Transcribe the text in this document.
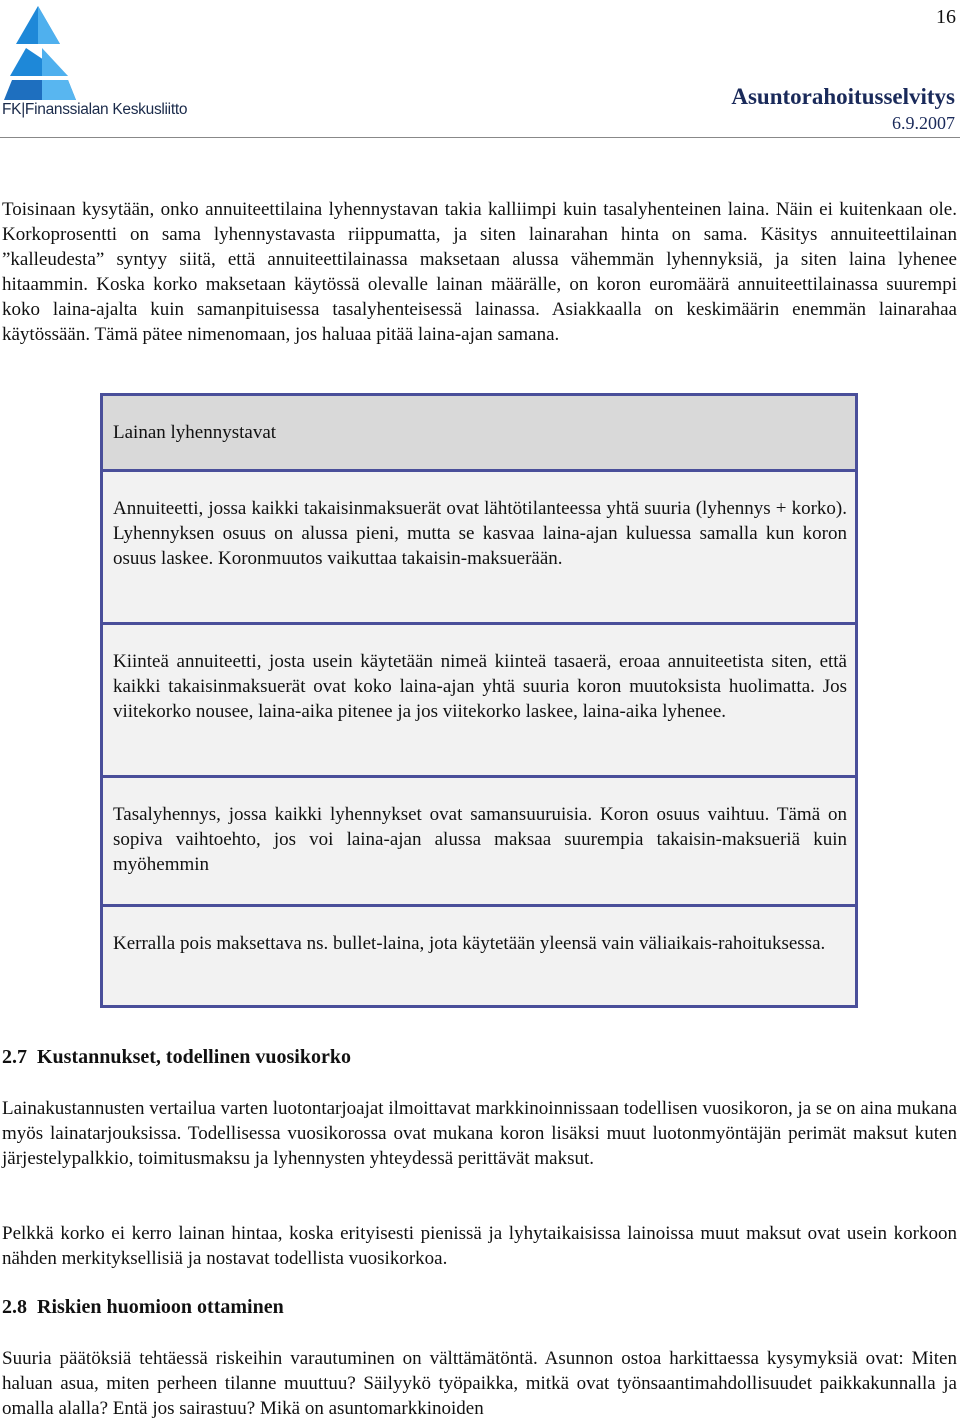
16
FK|Finanssialan Keskusliitto
Asuntorahoitusselvitys
6.9.2007

Toisinaan kysytään, onko annuiteettilaina lyhennystavan takia kalliimpi kuin tasalyhenteinen laina. Näin ei kuitenkaan ole. Korkoprosentti on sama lyhennystavasta riippumatta, ja siten lainarahan hinta on sama. Käsitys annuiteettilainan ”kalleudesta” syntyy siitä, että annuiteettilainassa maksetaan alussa vähemmän lyhennyksiä, ja siten laina lyhenee hitaammin. Koska korko maksetaan käytössä olevalle lainan määrälle, on koron euromäärä annuiteettilainassa suurempi koko laina-ajalta kuin samanpituisessa tasalyhenteisessä lainassa. Asiakkaalla on keskimäärin enemmän lainarahaa käytössään. Tämä pätee nimenomaan, jos haluaa pitää laina-ajan samana.

Lainan lyhennystavat

Annuiteetti, jossa kaikki takaisinmaksuerät ovat lähtötilanteessa yhtä suuria (lyhennys + korko). Lyhennyksen osuus on alussa pieni, mutta se kasvaa laina-ajan kuluessa samalla kun koron osuus laskee. Koronmuutos vaikuttaa takaisin-maksuerään.

Kiinteä annuiteetti, josta usein käytetään nimeä kiinteä tasaerä, eroaa annuiteetista siten, että kaikki takaisinmaksuerät ovat koko laina-ajan yhtä suuria koron muutoksista huolimatta. Jos viitekorko nousee, laina-aika pitenee ja jos viitekorko laskee, laina-aika lyhenee.

Tasalyhennys, jossa kaikki lyhennykset ovat samansuuruisia. Koron osuus vaihtuu. Tämä on sopiva vaihtoehto, jos voi laina-ajan alussa maksaa suurempia takaisin-maksueriä kuin myöhemmin

Kerralla pois maksettava ns. bullet-laina, jota käytetään yleensä vain väliaikais-rahoituksessa.

2.7 Kustannukset, todellinen vuosikorko

Lainakustannusten vertailua varten luotontarjoajat ilmoittavat markkinoinnissaan todellisen vuosikoron, ja se on aina mukana myös lainatarjouksissa. Todellisessa vuosikorossa ovat mukana koron lisäksi muut luotonmyöntäjän perimät maksut kuten järjestelypalkkio, toimitusmaksu ja lyhennysten yhteydessä perittävät maksut.

Pelkkä korko ei kerro lainan hintaa, koska erityisesti pienissä ja lyhytaikaisissa lainoissa muut maksut ovat usein korkoon nähden merkityksellisiä ja nostavat todellista vuosikorkoa.

2.8 Riskien huomioon ottaminen

Suuria päätöksiä tehtäessä riskeihin varautuminen on välttämätöntä. Asunnon ostoa harkittaessa kysymyksiä ovat: Miten haluan asua, miten perheen tilanne muuttuu? Säilyykö työpaikka, mitkä ovat työnsaantimahdollisuudet paikkakunnalla ja omalla alalla? Entä jos sairastuu? Mikä on asuntomarkkinoiden
